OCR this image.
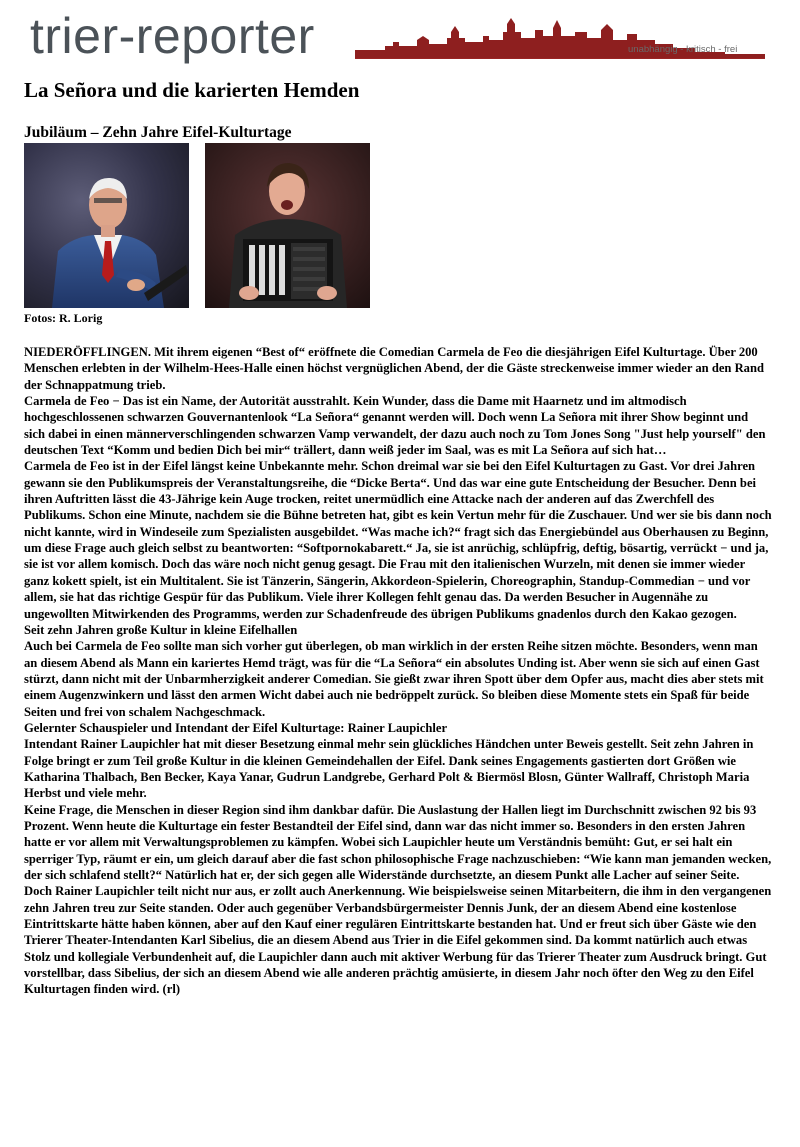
trier-reporter	unabhängig - kritisch - frei
La Señora und die karierten Hemden
Jubiläum – Zehn Jahre Eifel-Kulturtage
Fotos: R. Lorig

NIEDERÖFFLINGEN. Mit ihrem eigenen “Best of“ eröffnete die Comedian Carmela de Feo die diesjährigen Eifel Kulturtage. Über 200 Menschen erlebten in der Wilhelm-Hees-Halle einen höchst vergnüglichen Abend, der die Gäste streckenweise immer wieder an den Rand der Schnappatmung trieb.

Carmela de Feo − Das ist ein Name, der Autorität ausstrahlt. Kein Wunder, dass die Dame mit Haarnetz und im altmodisch hochgeschlossenen schwarzen Gouvernantenlook “La Señora“ genannt werden will. Doch wenn La Señora mit ihrer Show beginnt und sich dabei in einen männerverschlingenden schwarzen Vamp verwandelt, der dazu auch noch zu Tom Jones Song "Just help yourself" den deutschen Text “Komm und bedien Dich bei mir“ trällert, dann weiß jeder im Saal, was es mit La Señora auf sich hat…

Carmela de Feo ist in der Eifel längst keine Unbekannte mehr. Schon dreimal war sie bei den Eifel Kulturtagen zu Gast. Vor drei Jahren gewann sie den Publikumspreis der Veranstaltungsreihe, die “Dicke Berta“. Und das war eine gute Entscheidung der Besucher. Denn bei ihren Auftritten lässt die 43-Jährige kein Auge trocken, reitet unermüdlich eine Attacke nach der anderen auf das Zwerchfell des Publikums. Schon eine Minute, nachdem sie die Bühne betreten hat, gibt es kein Vertun mehr für die Zuschauer. Und wer sie bis dann noch nicht kannte, wird in Windeseile zum Spezialisten ausgebildet. “Was mache ich?“ fragt sich das Energiebündel aus Oberhausen zu Beginn, um diese Frage auch gleich selbst zu beantworten: “Softpornokabarett.“ Ja, sie ist anrüchig, schlüpfrig, deftig, bösartig, verrückt − und ja, sie ist vor allem komisch. Doch das wäre noch nicht genug gesagt. Die Frau mit den italienischen Wurzeln, mit denen sie immer wieder ganz kokett spielt, ist ein Multitalent. Sie ist Tänzerin, Sängerin, Akkordeon-Spielerin, Choreographin, Standup-Commedian − und vor allem, sie hat das richtige Gespür für das Publikum. Viele ihrer Kollegen fehlt genau das. Da werden Besucher in Augennähe zu ungewollten Mitwirkenden des Programms, werden zur Schadenfreude des übrigen Publikums gnadenlos durch den Kakao gezogen.

Seit zehn Jahren große Kultur in kleine Eifelhallen

Auch bei Carmela de Feo sollte man sich vorher gut überlegen, ob man wirklich in der ersten Reihe sitzen möchte. Besonders, wenn man an diesem Abend als Mann ein kariertes Hemd trägt, was für die “La Señora“ ein absolutes Unding ist. Aber wenn sie sich auf einen Gast stürzt, dann nicht mit der Unbarmherzigkeit anderer Comedian. Sie gießt zwar ihren Spott über dem Opfer aus, macht dies aber stets mit einem Augenzwinkern und lässt den armen Wicht dabei auch nie bedröppelt zurück. So bleiben diese Momente stets ein Spaß für beide Seiten und frei von schalem Nachgeschmack.

Gelernter Schauspieler und Intendant der Eifel Kulturtage: Rainer Laupichler

Intendant Rainer Laupichler hat mit dieser Besetzung einmal mehr sein glückliches Händchen unter Beweis gestellt. Seit zehn Jahren in Folge bringt er zum Teil große Kultur in die kleinen Gemeindehallen der Eifel. Dank seines Engagements gastierten dort Größen wie Katharina Thalbach, Ben Becker, Kaya Yanar, Gudrun Landgrebe, Gerhard Polt & Biermösl Blosn, Günter Wallraff, Christoph Maria Herbst und viele mehr.

Keine Frage, die Menschen in dieser Region sind ihm dankbar dafür. Die Auslastung der Hallen liegt im Durchschnitt zwischen 92 bis 93 Prozent. Wenn heute die Kulturtage ein fester Bestandteil der Eifel sind, dann war das nicht immer so. Besonders in den ersten Jahren hatte er vor allem mit Verwaltungsproblemen zu kämpfen. Wobei sich Laupichler heute um Verständnis bemüht: Gut, er sei halt ein sperriger Typ, räumt er ein, um gleich darauf aber die fast schon philosophische Frage nachzuschieben: “Wie kann man jemanden wecken, der sich schlafend stellt?“ Natürlich hat er, der sich gegen alle Widerstände durchsetzte, an diesem Punkt alle Lacher auf seiner Seite.

Doch Rainer Laupichler teilt nicht nur aus, er zollt auch Anerkennung. Wie beispielsweise seinen Mitarbeitern, die ihm in den vergangenen zehn Jahren treu zur Seite standen. Oder auch gegenüber Verbandsbürgermeister Dennis Junk, der an diesem Abend eine kostenlose Eintrittskarte hätte haben können, aber auf den Kauf einer regulären Eintrittskarte bestanden hat. Und er freut sich über Gäste wie den Trierer Theater-Intendanten Karl Sibelius, die an diesem Abend aus Trier in die Eifel gekommen sind. Da kommt natürlich auch etwas Stolz und kollegiale Verbundenheit auf, die Laupichler dann auch mit aktiver Werbung für das Trierer Theater zum Ausdruck bringt. Gut vorstellbar, dass Sibelius, der sich an diesem Abend wie alle anderen prächtig amüsierte, in diesem Jahr noch öfter den Weg zu den Eifel Kulturtagen finden wird. (rl)
